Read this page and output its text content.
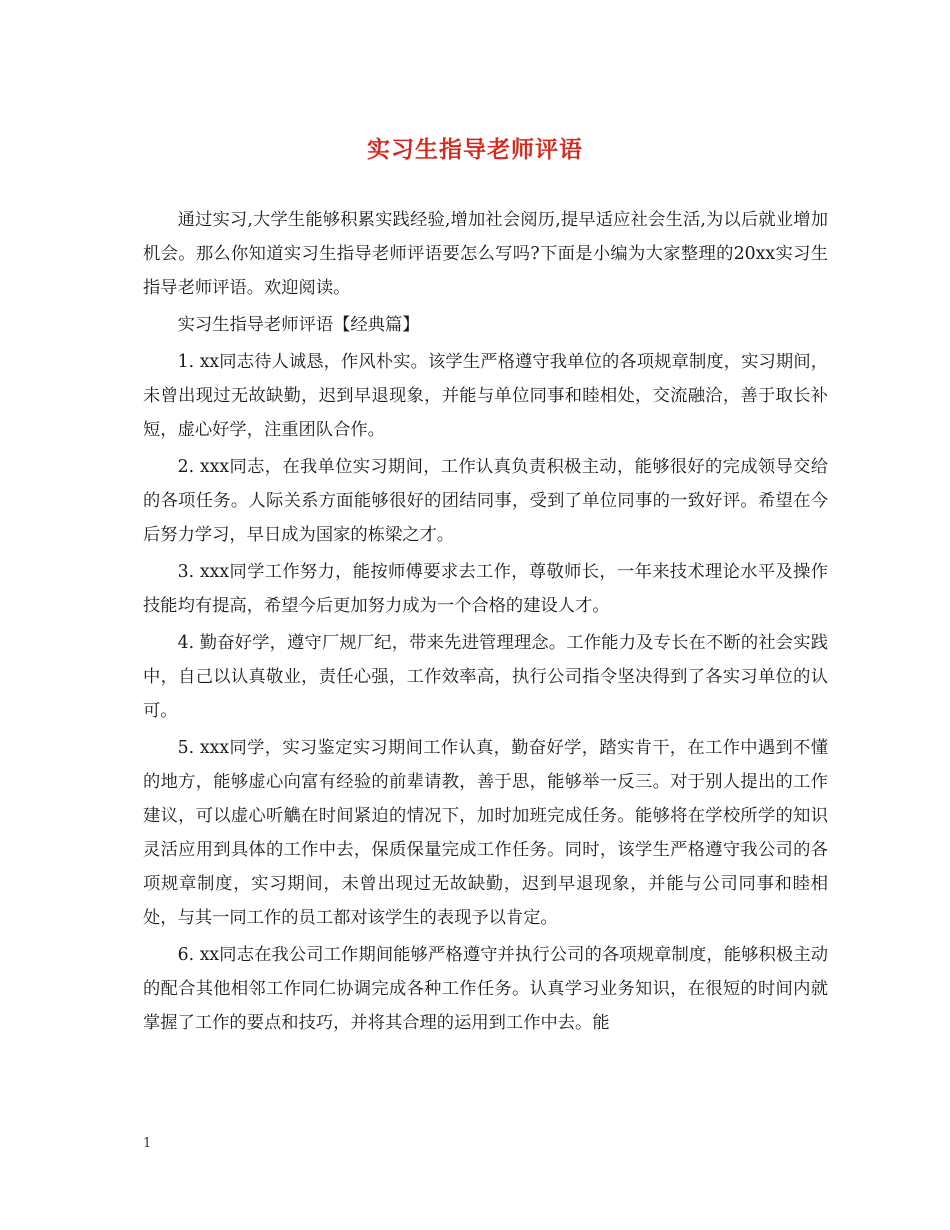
实习生指导老师评语

通过实习,大学生能够积累实践经验,增加社会阅历,提早适应社会生活,为以后就业增加机会。那么你知道实习生指导老师评语要怎么写吗?下面是小编为大家整理的20xx实习生指导老师评语。欢迎阅读。

实习生指导老师评语【经典篇】

1. xx同志待人诚恳，作风朴实。该学生严格遵守我单位的各项规章制度，实习期间，未曾出现过无故缺勤，迟到早退现象，并能与单位同事和睦相处，交流融洽，善于取长补短，虚心好学，注重团队合作。

2. xxx同志，在我单位实习期间，工作认真负责积极主动，能够很好的完成领导交给的各项任务。人际关系方面能够很好的团结同事，受到了单位同事的一致好评。希望在今后努力学习，早日成为国家的栋梁之才。

3. xxx同学工作努力，能按师傅要求去工作，尊敬师长，一年来技术理论水平及操作技能均有提高，希望今后更加努力成为一个合格的建设人才。

4. 勤奋好学，遵守厂规厂纪，带来先进管理理念。工作能力及专长在不断的社会实践中，自己以认真敬业，责任心强，工作效率高，执行公司指令坚决得到了各实习单位的认可。

5. xxx同学，实习鉴定实习期间工作认真，勤奋好学，踏实肯干，在工作中遇到不懂的地方，能够虚心向富有经验的前辈请教，善于思，能够举一反三。对于别人提出的工作建议，可以虚心听觹在时间紧迫的情况下，加时加班完成任务。能够将在学校所学的知识灵活应用到具体的工作中去，保质保量完成工作任务。同时，该学生严格遵守我公司的各项规章制度，实习期间，未曾出现过无故缺勤，迟到早退现象，并能与公司同事和睦相处，与其一同工作的员工都对该学生的表现予以肯定。

6. xx同志在我公司工作期间能够严格遵守并执行公司的各项规章制度，能够积极主动的配合其他相邻工作同仁协调完成各种工作任务。认真学习业务知识，在很短的时间内就掌握了工作的要点和技巧，并将其合理的运用到工作中去。能

1
